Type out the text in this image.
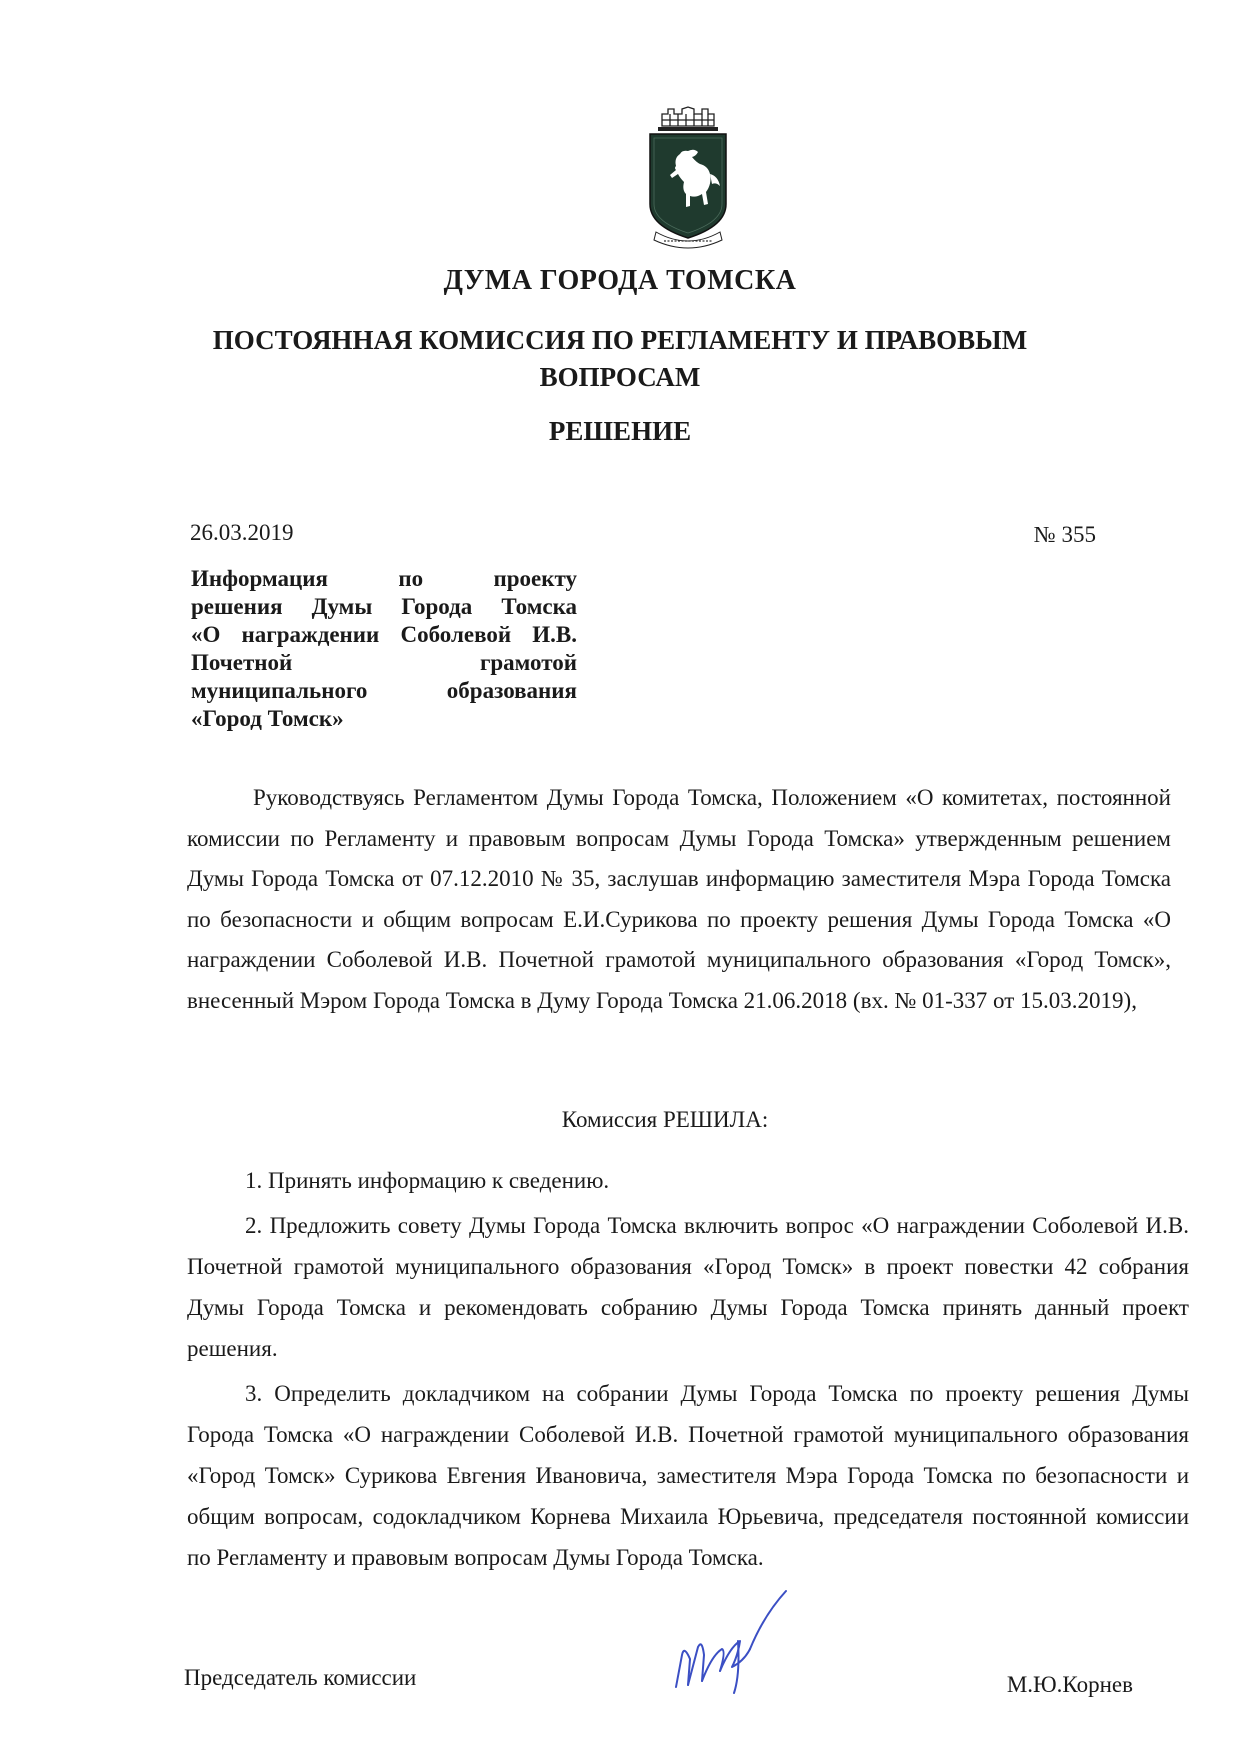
ДУМА ГОРОДА ТОМСКА
ПОСТОЯННАЯ КОМИССИЯ ПО РЕГЛАМЕНТУ И ПРАВОВЫМ ВОПРОСАМ
РЕШЕНИЕ
26.03.2019	№ 355
Информация по проекту
решения Думы Города Томска
«О награждении Соболевой И.В.
Почетной грамотой
муниципального образования
«Город Томск»

Руководствуясь Регламентом Думы Города Томска, Положением «О комитетах, постоянной комиссии по Регламенту и правовым вопросам Думы Города Томска» утвержденным решением Думы Города Томска от 07.12.2010 № 35, заслушав информацию заместителя Мэра Города Томска по безопасности и общим вопросам Е.И.Сурикова по проекту решения Думы Города Томска «О награждении Соболевой И.В. Почетной грамотой муниципального образования «Город Томск», внесенный Мэром Города Томска в Думу Города Томска 21.06.2018 (вх. № 01-337 от 15.03.2019),

Комиссия РЕШИЛА:

1. Принять информацию к сведению.

2. Предложить совету Думы Города Томска включить вопрос «О награждении Соболевой И.В. Почетной грамотой муниципального образования «Город Томск» в проект повестки 42 собрания Думы Города Томска и рекомендовать собранию Думы Города Томска принять данный проект решения.

3. Определить докладчиком на собрании Думы Города Томска по проекту решения Думы Города Томска «О награждении Соболевой И.В. Почетной грамотой муниципального образования «Город Томск» Сурикова Евгения Ивановича, заместителя Мэра Города Томска по безопасности и общим вопросам, содокладчиком Корнева Михаила Юрьевича, председателя постоянной комиссии по Регламенту и правовым вопросам Думы Города Томска.

Председатель комиссии	М.Ю.Корнев
